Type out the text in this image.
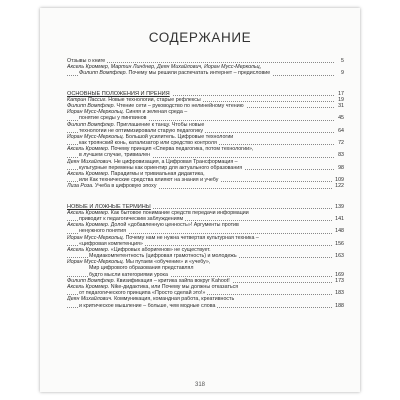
СОДЕРЖАНИЕ
Отзывы о книге	5
Аксель Кроммер, Мартин Линднер, Деян Михайлович, Йоран Мусс-Меркольц,
Филипп Вомпфлер. Почему мы решили распечатать интернет – предисловие	9
ОСНОВНЫЕ ПОЛОЖЕНИЯ И ПРЕНИЯ	17
Катрин Пассиг. Новые технологии, старые рефлексы	19
Филипп Вомпфлер. Чтение сети – руководство по нелинейному чтению	31
Йоран Мусс-Меркольц. Синяя и зеленая среда –
понятие среды у пингвинов	45
Филипп Вомпфлер. Приглашение к танцу. Чтобы новые
технологии не оптимизировали старую педагогику	64
Йоран Мусс-Меркольц. Большой усилитель. Цифровые технологии
как троянский конь, катализатор или средство контроля	72
Аксель Кроммер. Почему принцип «Сперва педагогика, потом технологии»,
в лучшем случае, тривиален	83
Деян Михайлович. Не цифровизация, а Цифровая Трансформация –
культурные перемены как ориентир для актуального образования	98
Аксель Кроммер. Парадигмы и тривиальная дидактика,
или Как технические средства влияют на знания и учебу	109
Лиза Роза. Учеба в цифровую эпоху	122
НОВЫЕ И ЛОЖНЫЕ ТЕРМИНЫ	139
Аксель Кроммер. Как бытовое понимание средств передачи информации
приводит к педагогическим заблуждениям	141
Аксель Кроммер. Долой «добавленную ценность»! Аргументы против
ненужного понятия	148
Йоран Мусс-Меркольц. Почему нам не нужна четвертая культурная техника –
«цифровая компетенция»	156
Аксель Кроммер. «Цифровых аборигенов» не существует.
Медиакомпетентность (цифровая грамотность) и молодежь	163
Йоран Мусс-Меркольц. Мы путаем «обучение» и «учебу»,
Мир цифрового образования представлял
будто мысли категориями урока	169
Филипп Вомпфлер. Квизификация – критика хайпа вокруг Kahoot!	173
Аксель Кроммер. Nike-дидактика, или Почему мы должны отказаться
от педагогического принципа «Просто сделай это!»	183
Деян Михайлович. Коммуникация, командная работа, креативность
и критическое мышление – больше, чем модные слова	188
318
